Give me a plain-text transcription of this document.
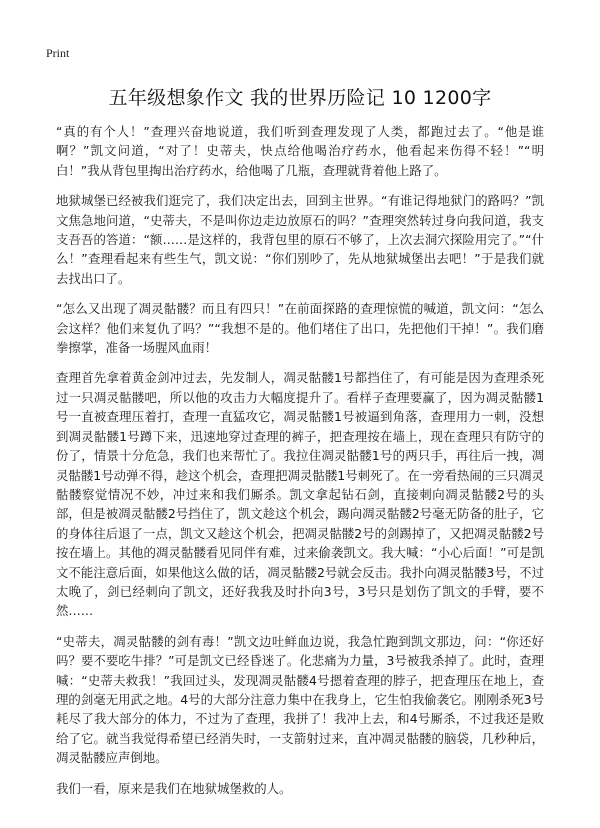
Print
五年级想象作文 我的世界历险记 10 1200字

“真的有个人！”查理兴奋地说道，我们听到查理发现了人类，都跑过去了。“他是谁啊？”凯文问道，“对了！史蒂夫，快点给他喝治疗药水，他看起来伤得不轻！”“明白！”我从背包里掏出治疗药水，给他喝了几瓶，查理就背着他上路了。

地狱城堡已经被我们逛完了，我们决定出去，回到主世界。“有谁记得地狱门的路吗？”凯文焦急地问道，“史蒂夫，不是叫你边走边放原石的吗？”查理突然转过身向我问道，我支支吾吾的答道：“额……是这样的，我背包里的原石不够了，上次去洞穴探险用完了。”“什么！”查理看起来有些生气，凯文说：“你们别吵了，先从地狱城堡出去吧！”于是我们就去找出口了。

“怎么又出现了凋灵骷髅？而且有四只！”在前面探路的查理惊慌的喊道，凯文问：“怎么会这样？他们来复仇了吗？”“我想不是的。他们堵住了出口，先把他们干掉！”。我们磨拳擦掌，准备一场腥风血雨！

查理首先拿着黄金剑冲过去，先发制人，凋灵骷髅1号都挡住了，有可能是因为查理杀死过一只凋灵骷髅吧，所以他的攻击力大幅度提升了。看样子查理要赢了，因为凋灵骷髅1号一直被查理压着打，查理一直猛攻它，凋灵骷髅1号被逼到角落，查理用力一刺，没想到凋灵骷髅1号蹲下来，迅速地穿过查理的裤子，把查理按在墙上，现在查理只有防守的份了，情景十分危急，我们也来帮忙了。我拉住凋灵骷髅1号的两只手，再往后一拽，凋灵骷髅1号动弹不得，趁这个机会，查理把凋灵骷髅1号刺死了。在一旁看热闹的三只凋灵骷髅察觉情况不妙，冲过来和我们厮杀。凯文拿起钻石剑，直接刺向凋灵骷髅2号的头部，但是被凋灵骷髅2号挡住了，凯文趁这个机会，踢向凋灵骷髅2号毫无防备的肚子，它的身体往后退了一点，凯文又趁这个机会，把凋灵骷髅2号的剑踢掉了，又把凋灵骷髅2号按在墙上。其他的凋灵骷髅看见同伴有难，过来偷袭凯文。我大喊：“小心后面！”可是凯文不能注意后面，如果他这么做的话，凋灵骷髅2号就会反击。我扑向凋灵骷髅3号，不过太晚了，剑已经刺向了凯文，还好我我及时扑向3号，3号只是划伤了凯文的手臂，要不然……

“史蒂夫，凋灵骷髅的剑有毒！”凯文边吐鲜血边说，我急忙跑到凯文那边，问：“你还好吗？要不要吃牛排？”可是凯文已经昏迷了。化悲痛为力量，3号被我杀掉了。此时，查理喊：“史蒂夫救我！”我回过头，发现凋灵骷髅4号摁着查理的脖子，把查理压在地上，查理的剑毫无用武之地。4号的大部分注意力集中在我身上，它生怕我偷袭它。刚刚杀死3号耗尽了我大部分的体力，不过为了查理，我拼了！我冲上去，和4号厮杀，不过我还是败给了它。就当我觉得希望已经消失时，一支箭射过来，直冲凋灵骷髅的脑袋，几秒种后，凋灵骷髅应声倒地。

我们一看，原来是我们在地狱城堡救的人。
